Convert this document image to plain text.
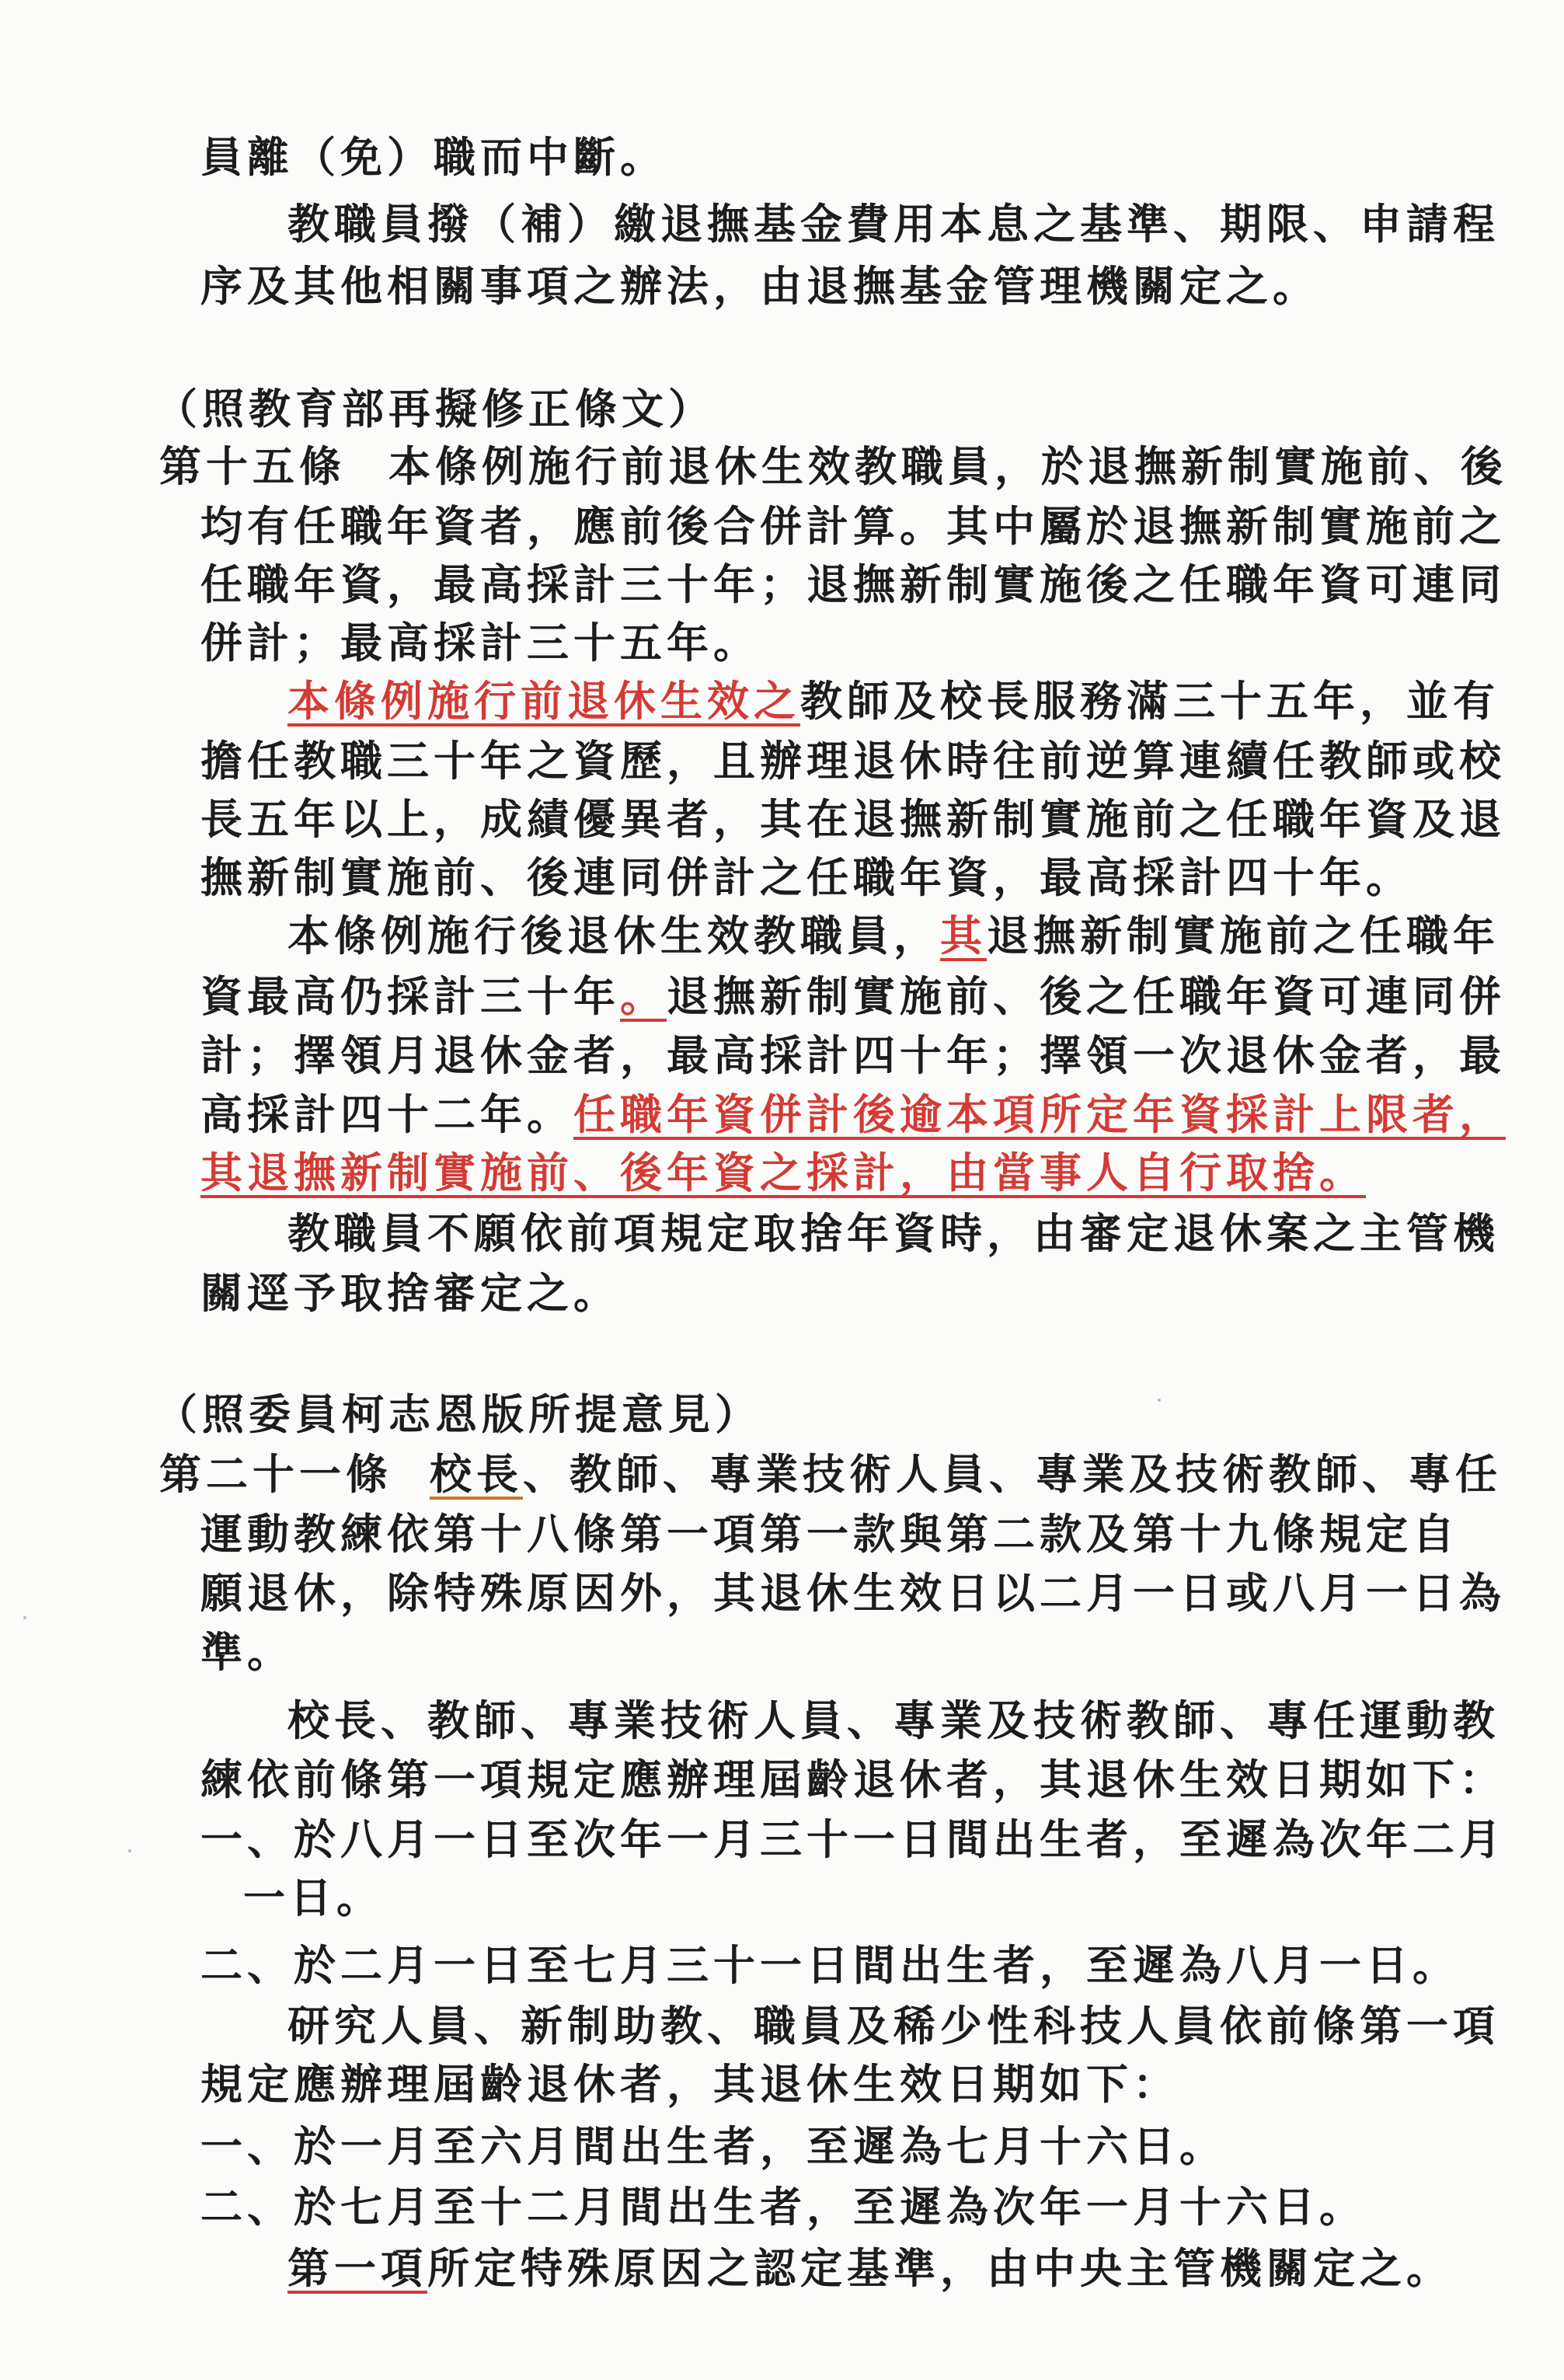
員離（免）職而中斷。
教職員撥（補）繳退撫基金費用本息之基準、期限、申請程
序及其他相關事項之辦法，由退撫基金管理機關定之。
（照教育部再擬修正條文）
第十五條 本條例施行前退休生效教職員，於退撫新制實施前、後
均有任職年資者，應前後合併計算。其中屬於退撫新制實施前之
任職年資，最高採計三十年；退撫新制實施後之任職年資可連同
併計；最高採計三十五年。
本條例施行前退休生效之教師及校長服務滿三十五年，並有
擔任教職三十年之資歷，且辦理退休時往前逆算連續任教師或校
長五年以上，成績優異者，其在退撫新制實施前之任職年資及退
撫新制實施前、後連同併計之任職年資，最高採計四十年。
本條例施行後退休生效教職員，其退撫新制實施前之任職年
資最高仍採計三十年。退撫新制實施前、後之任職年資可連同併
計；擇領月退休金者，最高採計四十年；擇領一次退休金者，最
高採計四十二年。任職年資併計後逾本項所定年資採計上限者，
其退撫新制實施前、後年資之採計，由當事人自行取捨。
教職員不願依前項規定取捨年資時，由審定退休案之主管機
關逕予取捨審定之。
（照委員柯志恩版所提意見）
第二十一條 校長、教師、專業技術人員、專業及技術教師、專任
運動教練依第十八條第一項第一款與第二款及第十九條規定自
願退休，除特殊原因外，其退休生效日以二月一日或八月一日為
準。
校長、教師、專業技術人員、專業及技術教師、專任運動教
練依前條第一項規定應辦理屆齡退休者，其退休生效日期如下：
一、於八月一日至次年一月三十一日間出生者，至遲為次年二月
一日。
二、於二月一日至七月三十一日間出生者，至遲為八月一日。
研究人員、新制助教、職員及稀少性科技人員依前條第一項
規定應辦理屆齡退休者，其退休生效日期如下：
一、於一月至六月間出生者，至遲為七月十六日。
二、於七月至十二月間出生者，至遲為次年一月十六日。
第一項所定特殊原因之認定基準，由中央主管機關定之。
